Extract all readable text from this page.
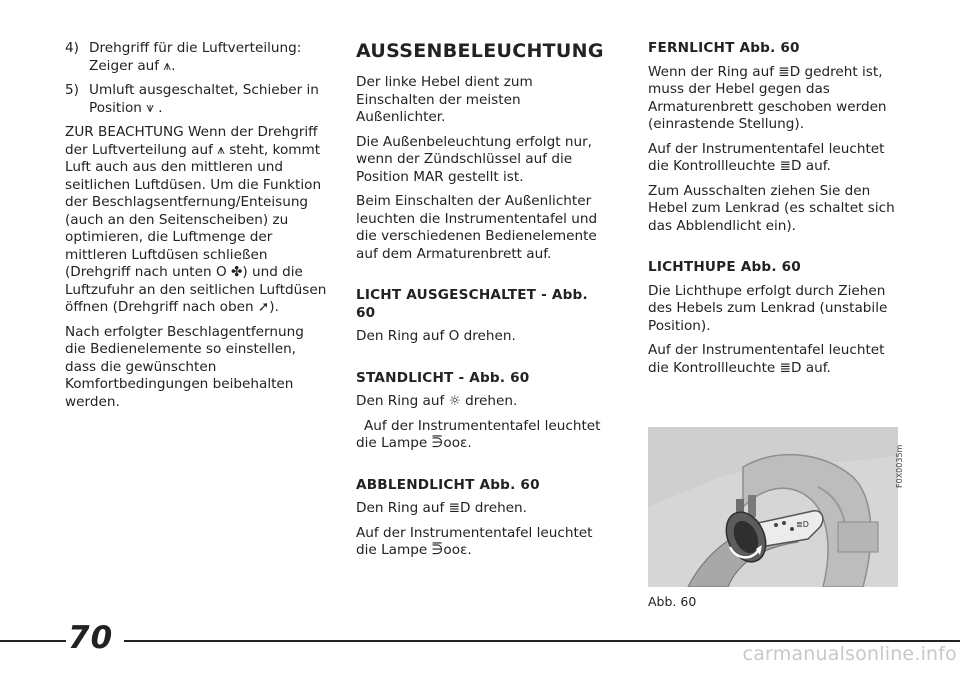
4) Drehgriff für die Luftverteilung: Zeiger auf ⩚.
5) Umluft ausgeschaltet, Schieber in Position ⩛ .

ZUR BEACHTUNG Wenn der Drehgriff der Luftverteilung auf ⩚ steht, kommt Luft auch aus den mittleren und seitlichen Luftdüsen. Um die Funktion der Beschlagsentfernung/Enteisung (auch an den Seitenscheiben) zu optimieren, die Luftmenge der mittleren Luftdüsen schließen (Drehgriff nach unten O ✤) und die Luftzufuhr an den seitlichen Luftdüsen öffnen (Drehgriff nach oben ➚).

Nach erfolgter Beschlagentfernung die Bedienelemente so einstellen, dass die gewünschten Komfortbedingungen beibehalten werden.

AUSSENBELEUCHTUNG

Der linke Hebel dient zum Einschalten der meisten Außenlichter.

Die Außenbeleuchtung erfolgt nur, wenn der Zündschlüssel auf die Position MAR gestellt ist.

Beim Einschalten der Außenlichter leuchten die Instrumententafel und die verschiedenen Bedienelemente auf dem Armaturenbrett auf.

LICHT AUSGESCHALTET - Abb. 60

Den Ring auf O drehen.

STANDLICHT - Abb. 60

Den Ring auf ☼ drehen.

Auf der Instrumententafel leuchtet die Lampe ⋽ooɛ.

ABBLENDLICHT Abb. 60

Den Ring auf ≣D drehen.

Auf der Instrumententafel leuchtet die Lampe ⋽ooɛ.

FERNLICHT Abb. 60

Wenn der Ring auf ≣D gedreht ist, muss der Hebel gegen das Armaturenbrett geschoben werden (einrastende Stellung).

Auf der Instrumententafel leuchtet die Kontrollleuchte ≣D auf.

Zum Ausschalten ziehen Sie den Hebel zum Lenkrad (es schaltet sich das Abblendlicht ein).

LICHTHUPE Abb. 60

Die Lichthupe erfolgt durch Ziehen des Hebels zum Lenkrad (unstabile Position).

Auf der Instrumententafel leuchtet die Kontrollleuchte ≣D auf.

≣D
F0X0035m
Abb. 60
70	carmanualsonline.info
